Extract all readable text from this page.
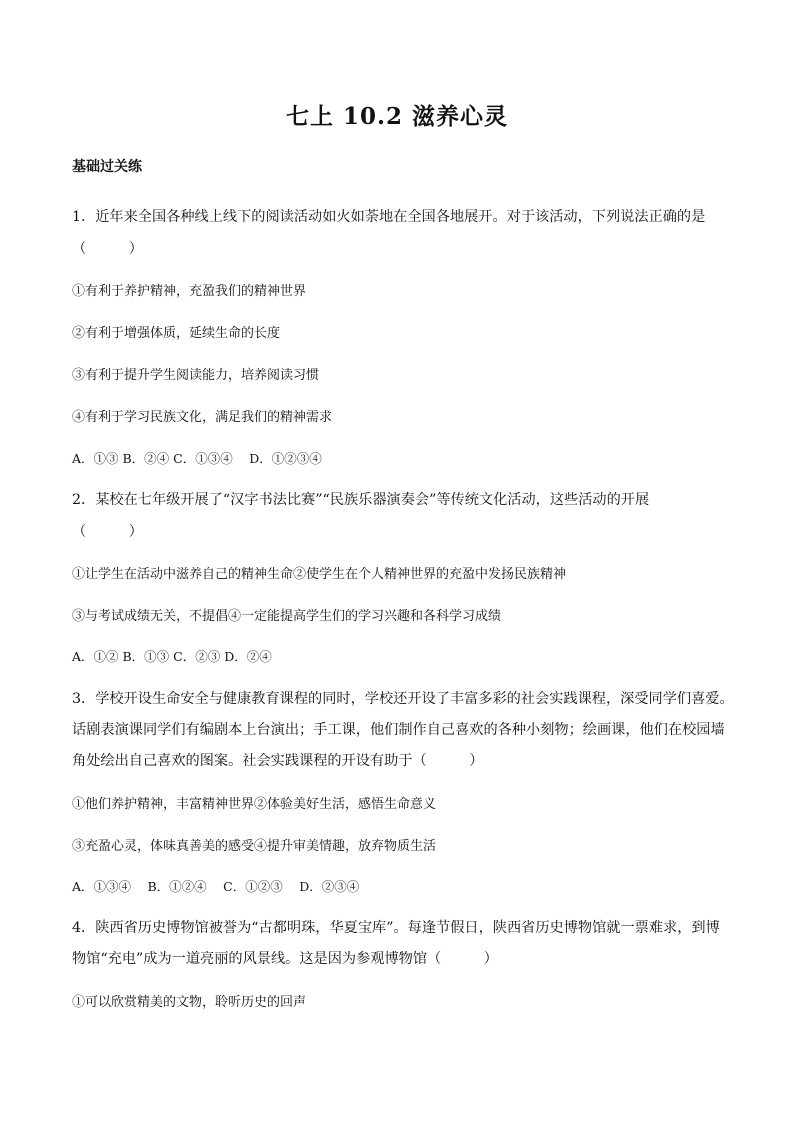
七上 10.2 滋养心灵
基础过关练
1．近年来全国各种线上线下的阅读活动如火如荼地在全国各地展开。对于该活动，下列说法正确的是
（　　　）
①有利于养护精神，充盈我们的精神世界
②有利于增强体质，延续生命的长度
③有利于提升学生阅读能力，培养阅读习惯
④有利于学习民族文化，满足我们的精神需求
A．①③ B．②④ C．①③④　 D．①②③④
2．某校在七年级开展了“汉字书法比赛”“民族乐器演奏会”等传统文化活动，这些活动的开展
（　　　）
①让学生在活动中滋养自己的精神生命②使学生在个人精神世界的充盈中发扬民族精神
③与考试成绩无关，不提倡④一定能提高学生们的学习兴趣和各科学习成绩
A．①② B．①③ C．②③ D．②④
3．学校开设生命安全与健康教育课程的同时，学校还开设了丰富多彩的社会实践课程，深受同学们喜爱。
话剧表演课同学们有编剧本上台演出；手工课，他们制作自己喜欢的各种小刻物；绘画课，他们在校园墙
角处绘出自己喜欢的图案。社会实践课程的开设有助于（　　　）
①他们养护精神，丰富精神世界②体验美好生活，感悟生命意义
③充盈心灵，体味真善美的感受④提升审美情趣，放弃物质生活
A．①③④　 B．①②④　 C．①②③　 D．②③④
4．陕西省历史博物馆被誉为“古都明珠，华夏宝库”。每逢节假日，陕西省历史博物馆就一票难求，到博
物馆“充电”成为一道亮丽的风景线。这是因为参观博物馆（　　　）
①可以欣赏精美的文物，聆听历史的回声
